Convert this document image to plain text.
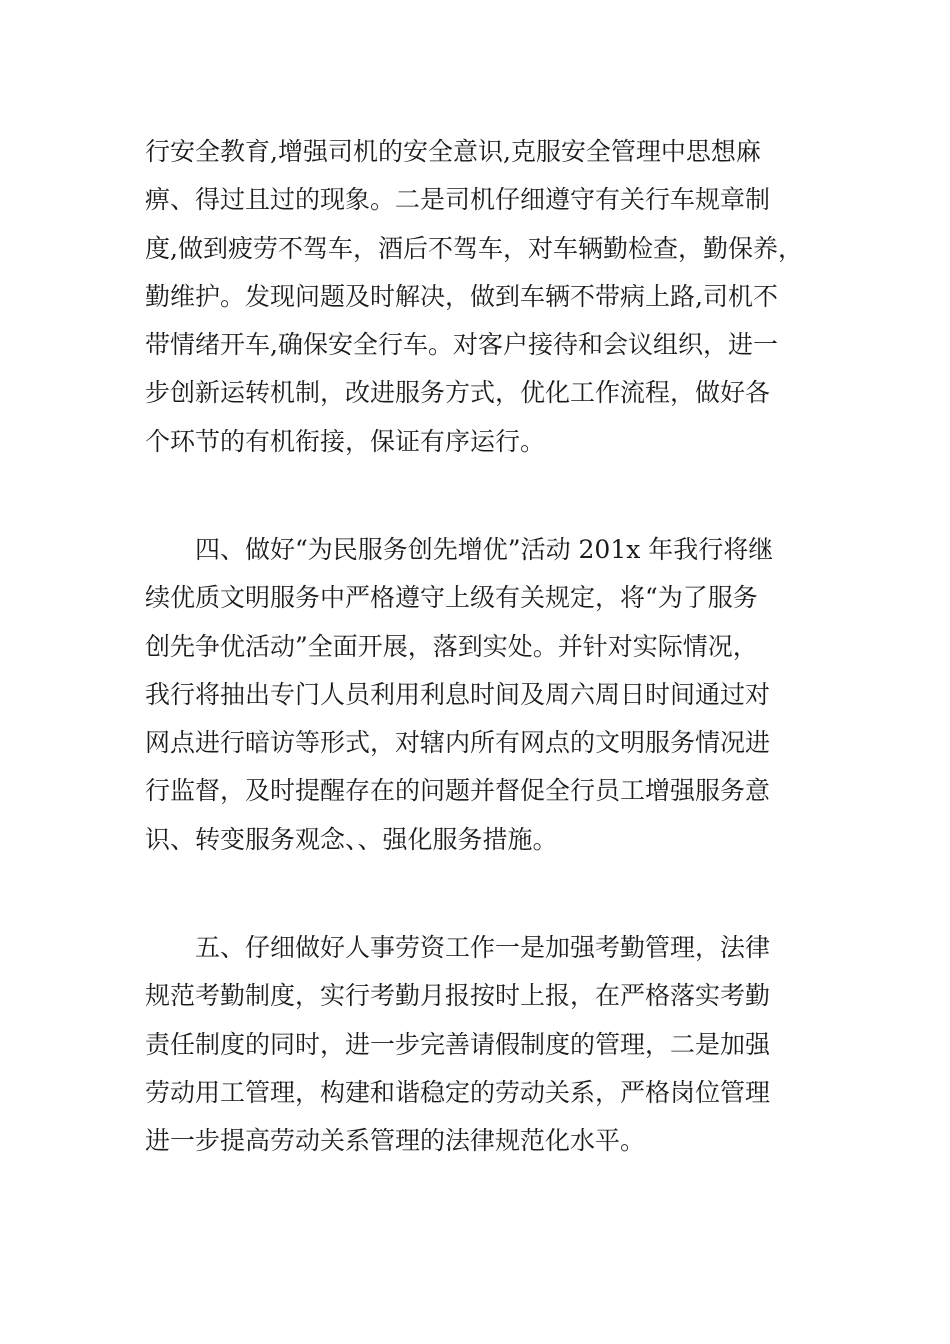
行安全教育,增强司机的安全意识,克服安全管理中思想麻
痹、得过且过的现象。二是司机仔细遵守有关行车规章制
度,做到疲劳不驾车，酒后不驾车，对车辆勤检查，勤保养，
勤维护。发现问题及时解决，做到车辆不带病上路,司机不
带情绪开车,确保安全行车。对客户接待和会议组织，进一
步创新运转机制，改进服务方式，优化工作流程，做好各
个环节的有机衔接，保证有序运行。

四、做好“为民服务创先增优”活动 201x 年我行将继
续优质文明服务中严格遵守上级有关规定，将“为了服务
创先争优活动”全面开展，落到实处。并针对实际情况，
我行将抽出专门人员利用利息时间及周六周日时间通过对
网点进行暗访等形式，对辖内所有网点的文明服务情况进
行监督，及时提醒存在的问题并督促全行员工增强服务意
识、转变服务观念、、强化服务措施。

五、仔细做好人事劳资工作一是加强考勤管理，法律
规范考勤制度，实行考勤月报按时上报，在严格落实考勤
责任制度的同时，进一步完善请假制度的管理，二是加强
劳动用工管理，构建和谐稳定的劳动关系，严格岗位管理
进一步提高劳动关系管理的法律规范化水平。
